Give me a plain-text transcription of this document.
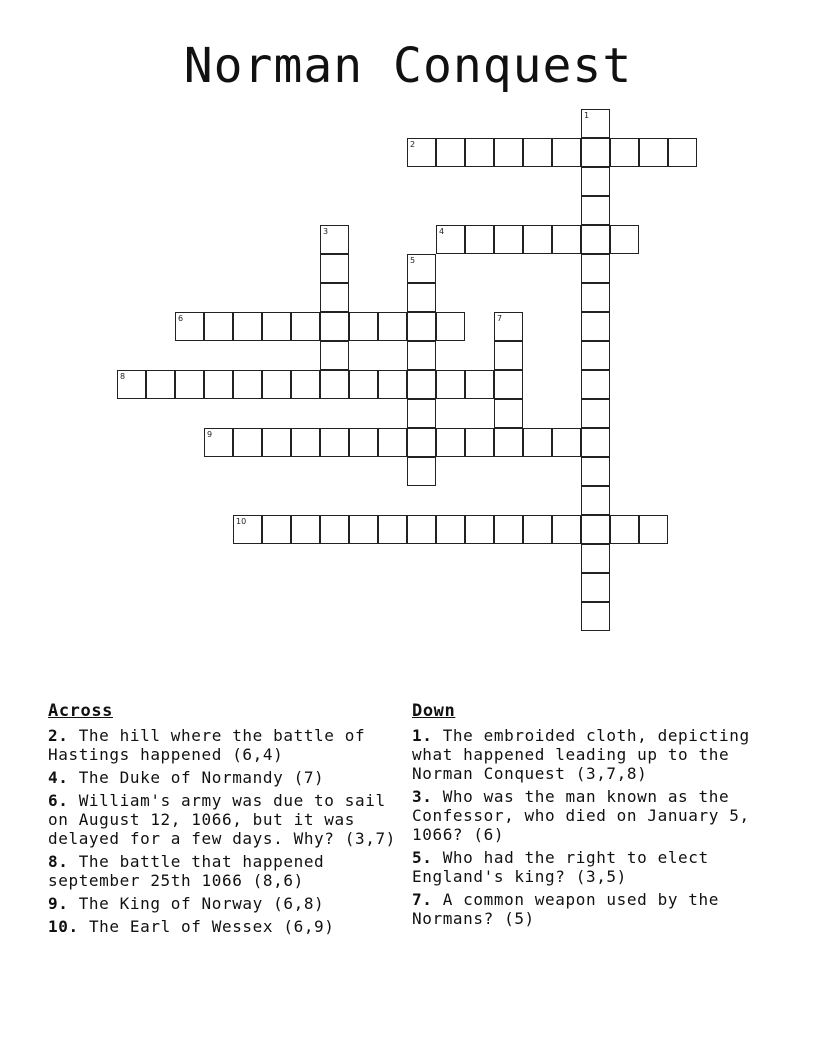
Norman Conquest
1
2
3	4
5
6	7
8
9
10
Across
2. The hill where the battle of Hastings happened (6,4)
4. The Duke of Normandy (7)
6. William's army was due to sail on August 12, 1066, but it was delayed for a few days. Why? (3,7)
8. The battle that happened september 25th 1066 (8,6)
9. The King of Norway (6,8)
10. The Earl of Wessex (6,9)
Down
1. The embroided cloth, depicting what happened leading up to the Norman Conquest (3,7,8)
3. Who was the man known as the Confessor, who died on January 5, 1066? (6)
5. Who had the right to elect England's king? (3,5)
7. A common weapon used by the Normans? (5)
